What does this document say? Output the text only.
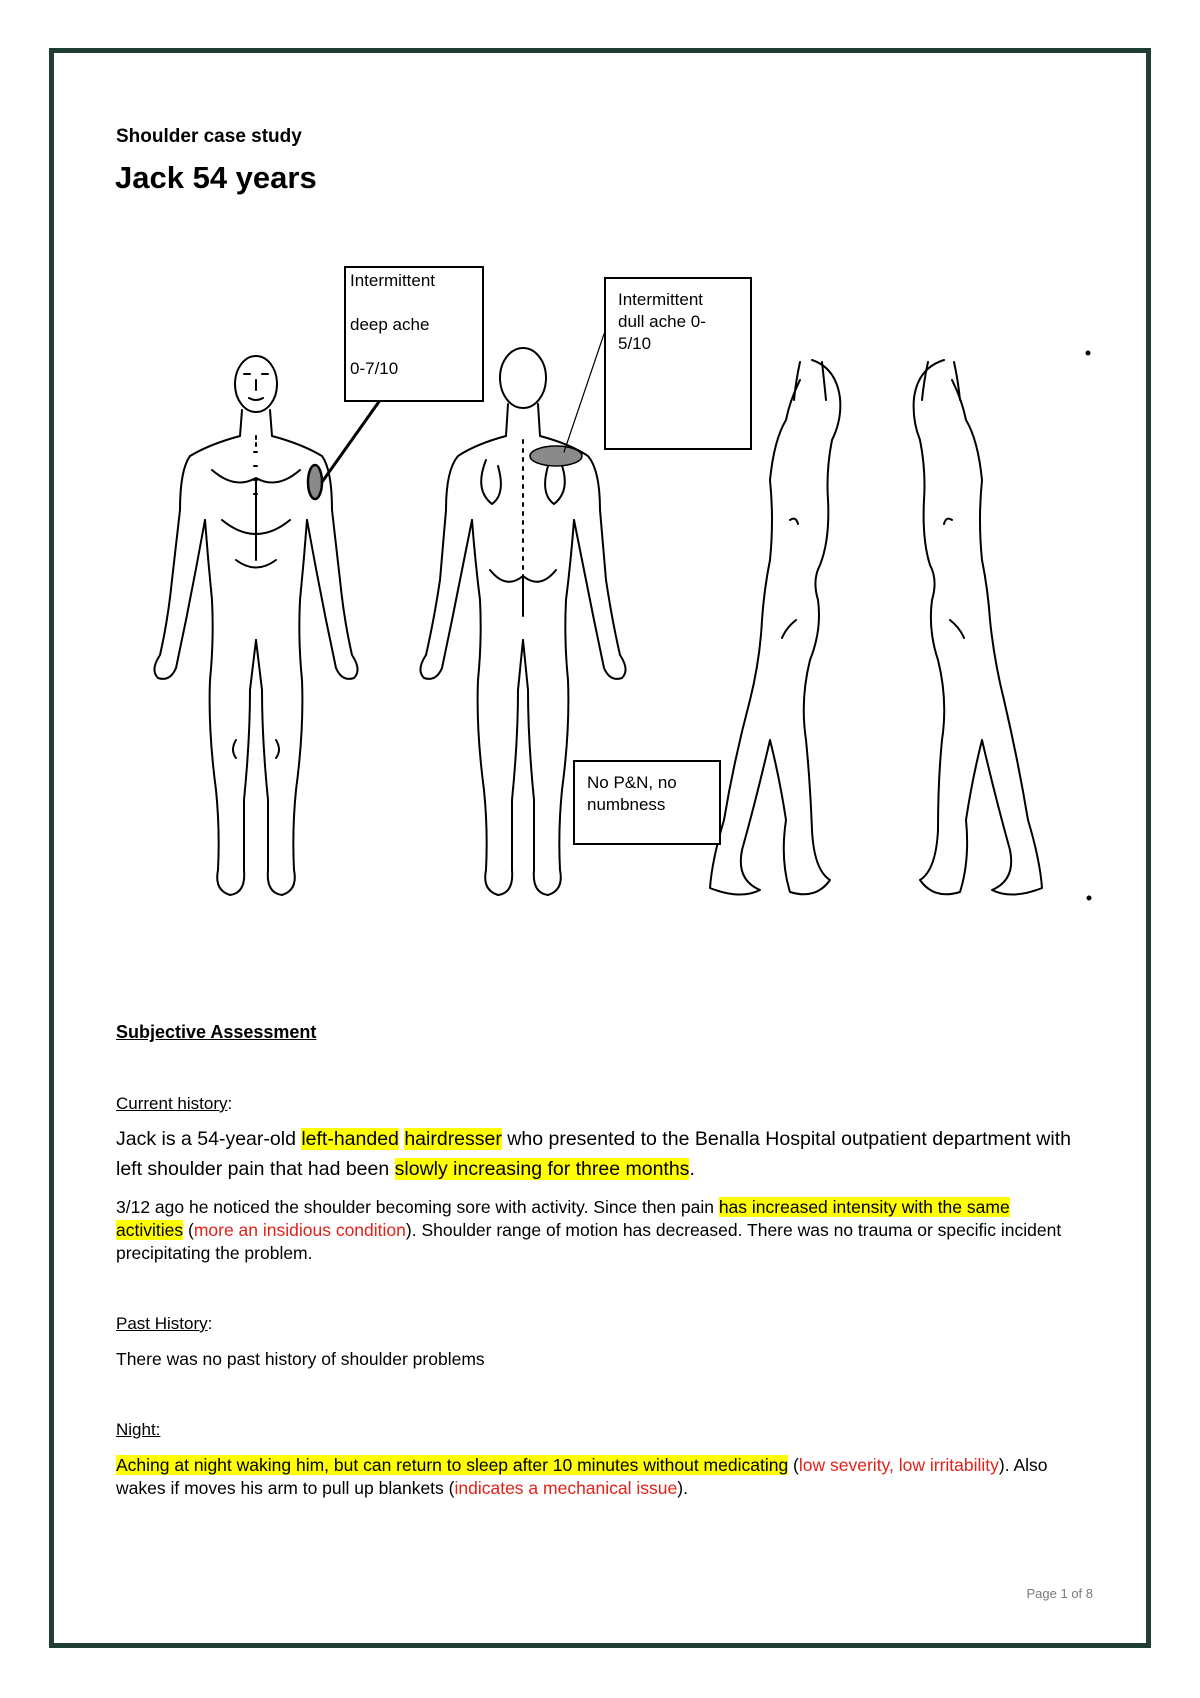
Shoulder case study
Jack 54 years
Intermittent

deep ache

0-7/10
Intermittent
dull ache 0-
5/10
No P&N, no
numbness
Subjective Assessment
Current history:
Jack is a 54-year-old left-handed hairdresser who presented to the Benalla Hospital outpatient department with left shoulder pain that had been slowly increasing for three months.
3/12 ago he noticed the shoulder becoming sore with activity. Since then pain has increased intensity with the same activities (more an insidious condition). Shoulder range of motion has decreased. There was no trauma or specific incident precipitating the problem.
Past History:
There was no past history of shoulder problems
Night:
Aching at night waking him, but can return to sleep after 10 minutes without medicating (low severity, low irritability). Also wakes if moves his arm to pull up blankets (indicates a mechanical issue).
Page 1 of 8
